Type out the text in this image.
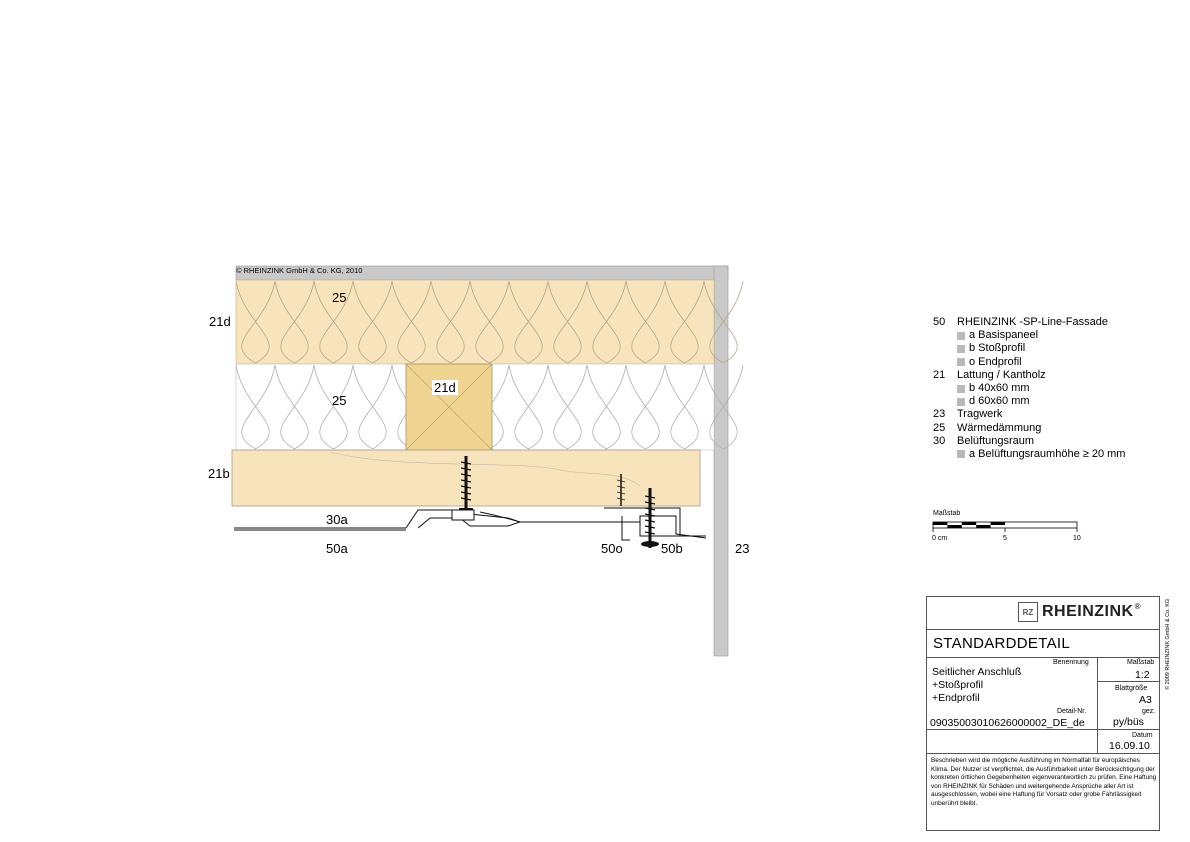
© RHEINZINK GmbH & Co. KG, 2010
21d
25
21d
25
21b
30a
50a	50o	50b	23
50	RHEINZINK -SP-Line-Fassade
a Basispaneel
b Stoßprofil
o Endprofil
21	Lattung / Kantholz
b 40x60 mm
d 60x60 mm
23	Tragwerk
25	Wärmedämmung
30	Belüftungsraum
a Belüftungsraumhöhe ≥ 20 mm
Maßstab
0 cm	5	10
STANDARDDETAIL
Benennung
Seitlicher Anschluß
+Stoßprofil
+Endprofil
Maßstab
1:2
Blattgröße
A3
Detail-Nr.
09035003010626000002_DE_de
gez.
py/büs
Datum
16.09.10
Beschrieben wird die mögliche Ausführung im Normalfall für europäisches Klima. Der Nutzer ist verpflichtet, die Ausführbarkeit unter Berücksichtigung der konkreten örtlichen Gegebenheiten eigenverantwortlich zu prüfen. Eine Haftung von RHEINZINK für Schäden und weitergehende Ansprüche aller Art ist ausgeschlossen, wobei eine Haftung für Vorsatz oder grobe Fahrlässigkeit unberührt bleibt.
RZ RHEINZINK ®	© 2009 RHEINZINK GmbH & Co. KG
